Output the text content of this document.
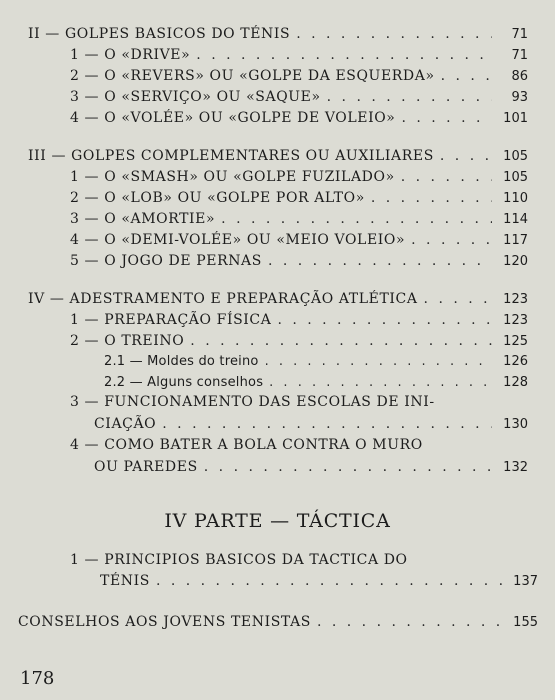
II — GOLPES BASICOS DO TÉNIS . . .	71
1 — O «DRIVE» . . .	71
2 — O «REVERS» OU «GOLPE DA ESQUERDA» . . .	86
3 — O «SERVIÇO» OU «SAQUE» . . .	93
4 — O «VOLÉE» OU «GOLPE DE VOLEIO» . . .	101
III — GOLPES COMPLEMENTARES OU AUXILIARES . . .	105
1 — O «SMASH» OU «GOLPE FUZILADO» . . .	105
2 — O «LOB» OU «GOLPE POR ALTO» . . .	110
3 — O «AMORTIE» . . .	114
4 — O «DEMI-VOLÉE» OU «MEIO VOLEIO» . . .	117
5 — O JOGO DE PERNAS . . .	120
IV — ADESTRAMENTO E PREPARAÇÃO ATLÉTICA . . .	123
1 — PREPARAÇÃO FÍSICA . . .	123
2 — O TREINO . . .	125
2.1 — Moldes do treino . . .	126
2.2 — Alguns conselhos . . .	128
3 — FUNCIONAMENTO DAS ESCOLAS DE INI-
CIAÇÃO . . .	130
4 — COMO BATER A BOLA CONTRA O MURO
OU PAREDES . . .	132
IV PARTE — TÁCTICA
1 — PRINCIPIOS BASICOS DA TACTICA DO
TÉNIS . . .	137
CONSELHOS AOS JOVENS TENISTAS . . .	155
178
